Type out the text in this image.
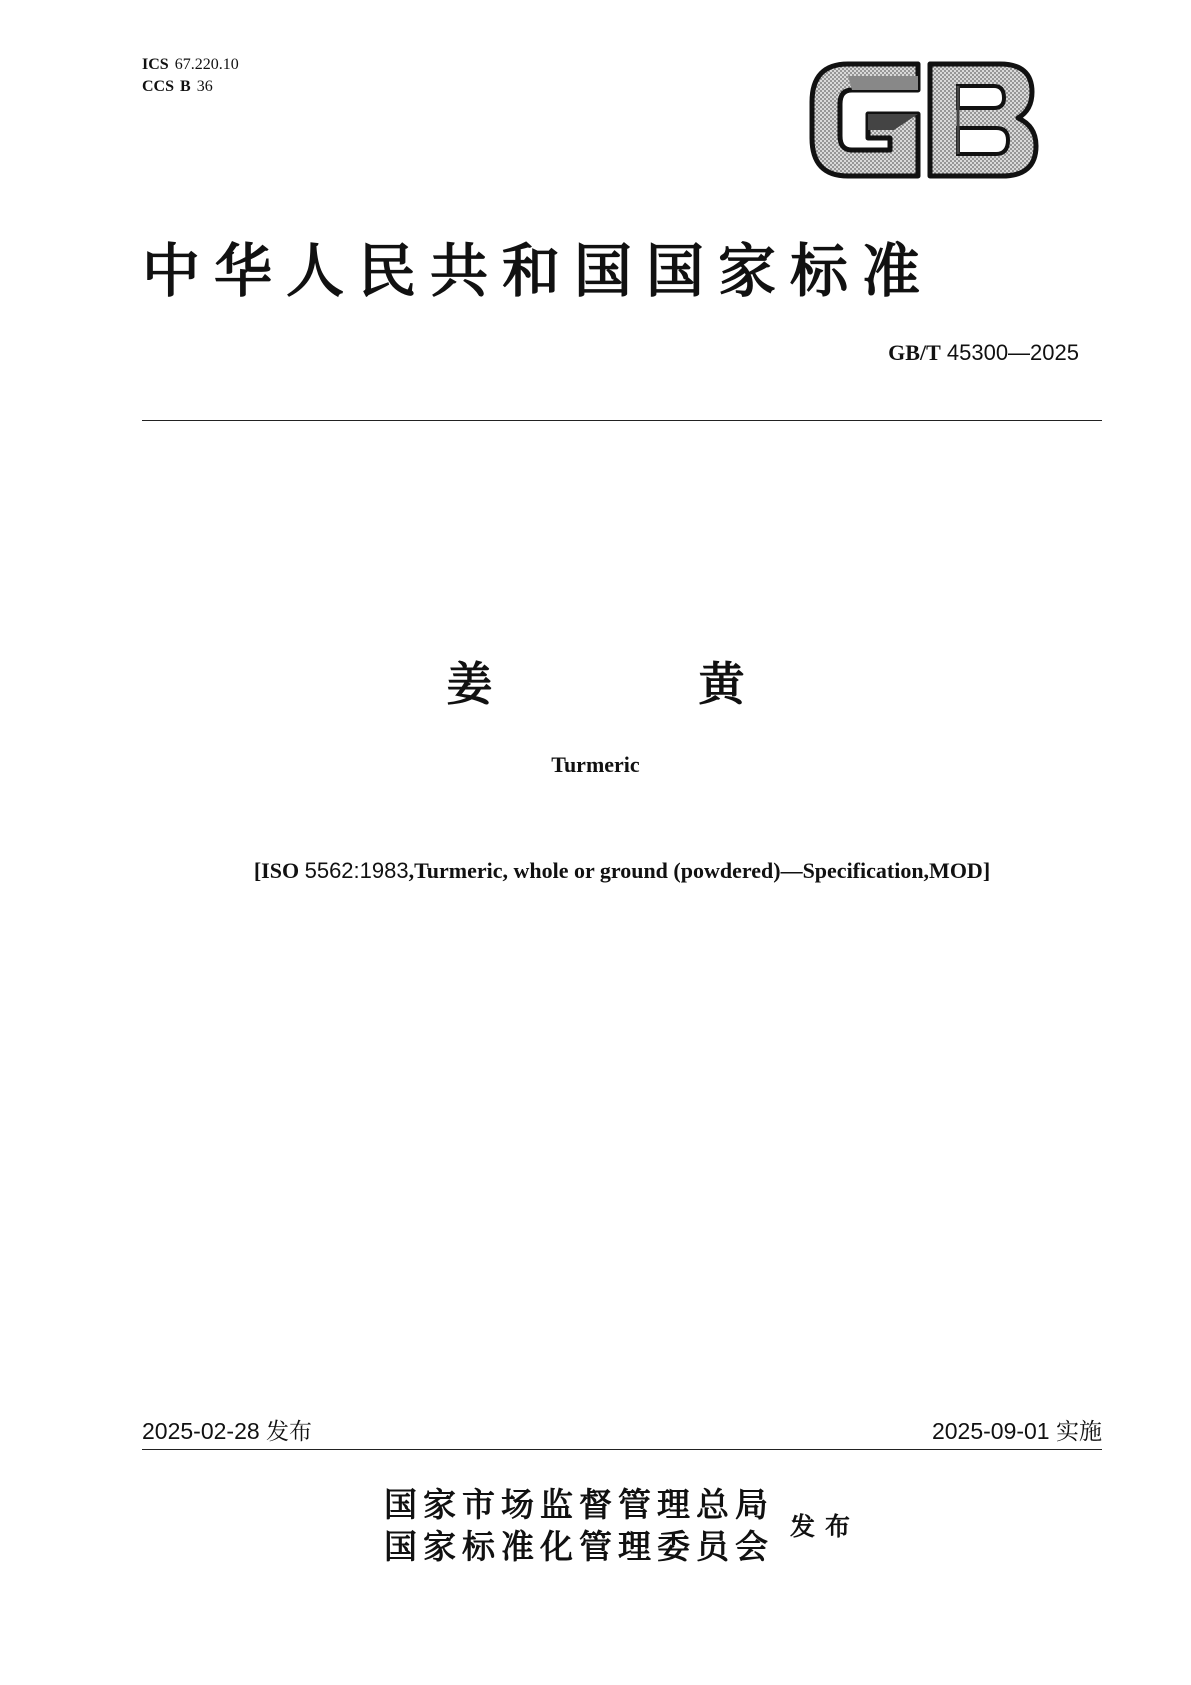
ICS 67.220.10
CCS B 36
GB
中华人民共和国国家标准
GB/T 45300—2025
姜 黄
Turmeric
[ISO 5562:1983,Turmeric, whole or ground (powdered)—Specification,MOD]
2025-02-28 发布	2025-09-01 实施
国家市场监督管理总局
国家标准化管理委员会
发布
